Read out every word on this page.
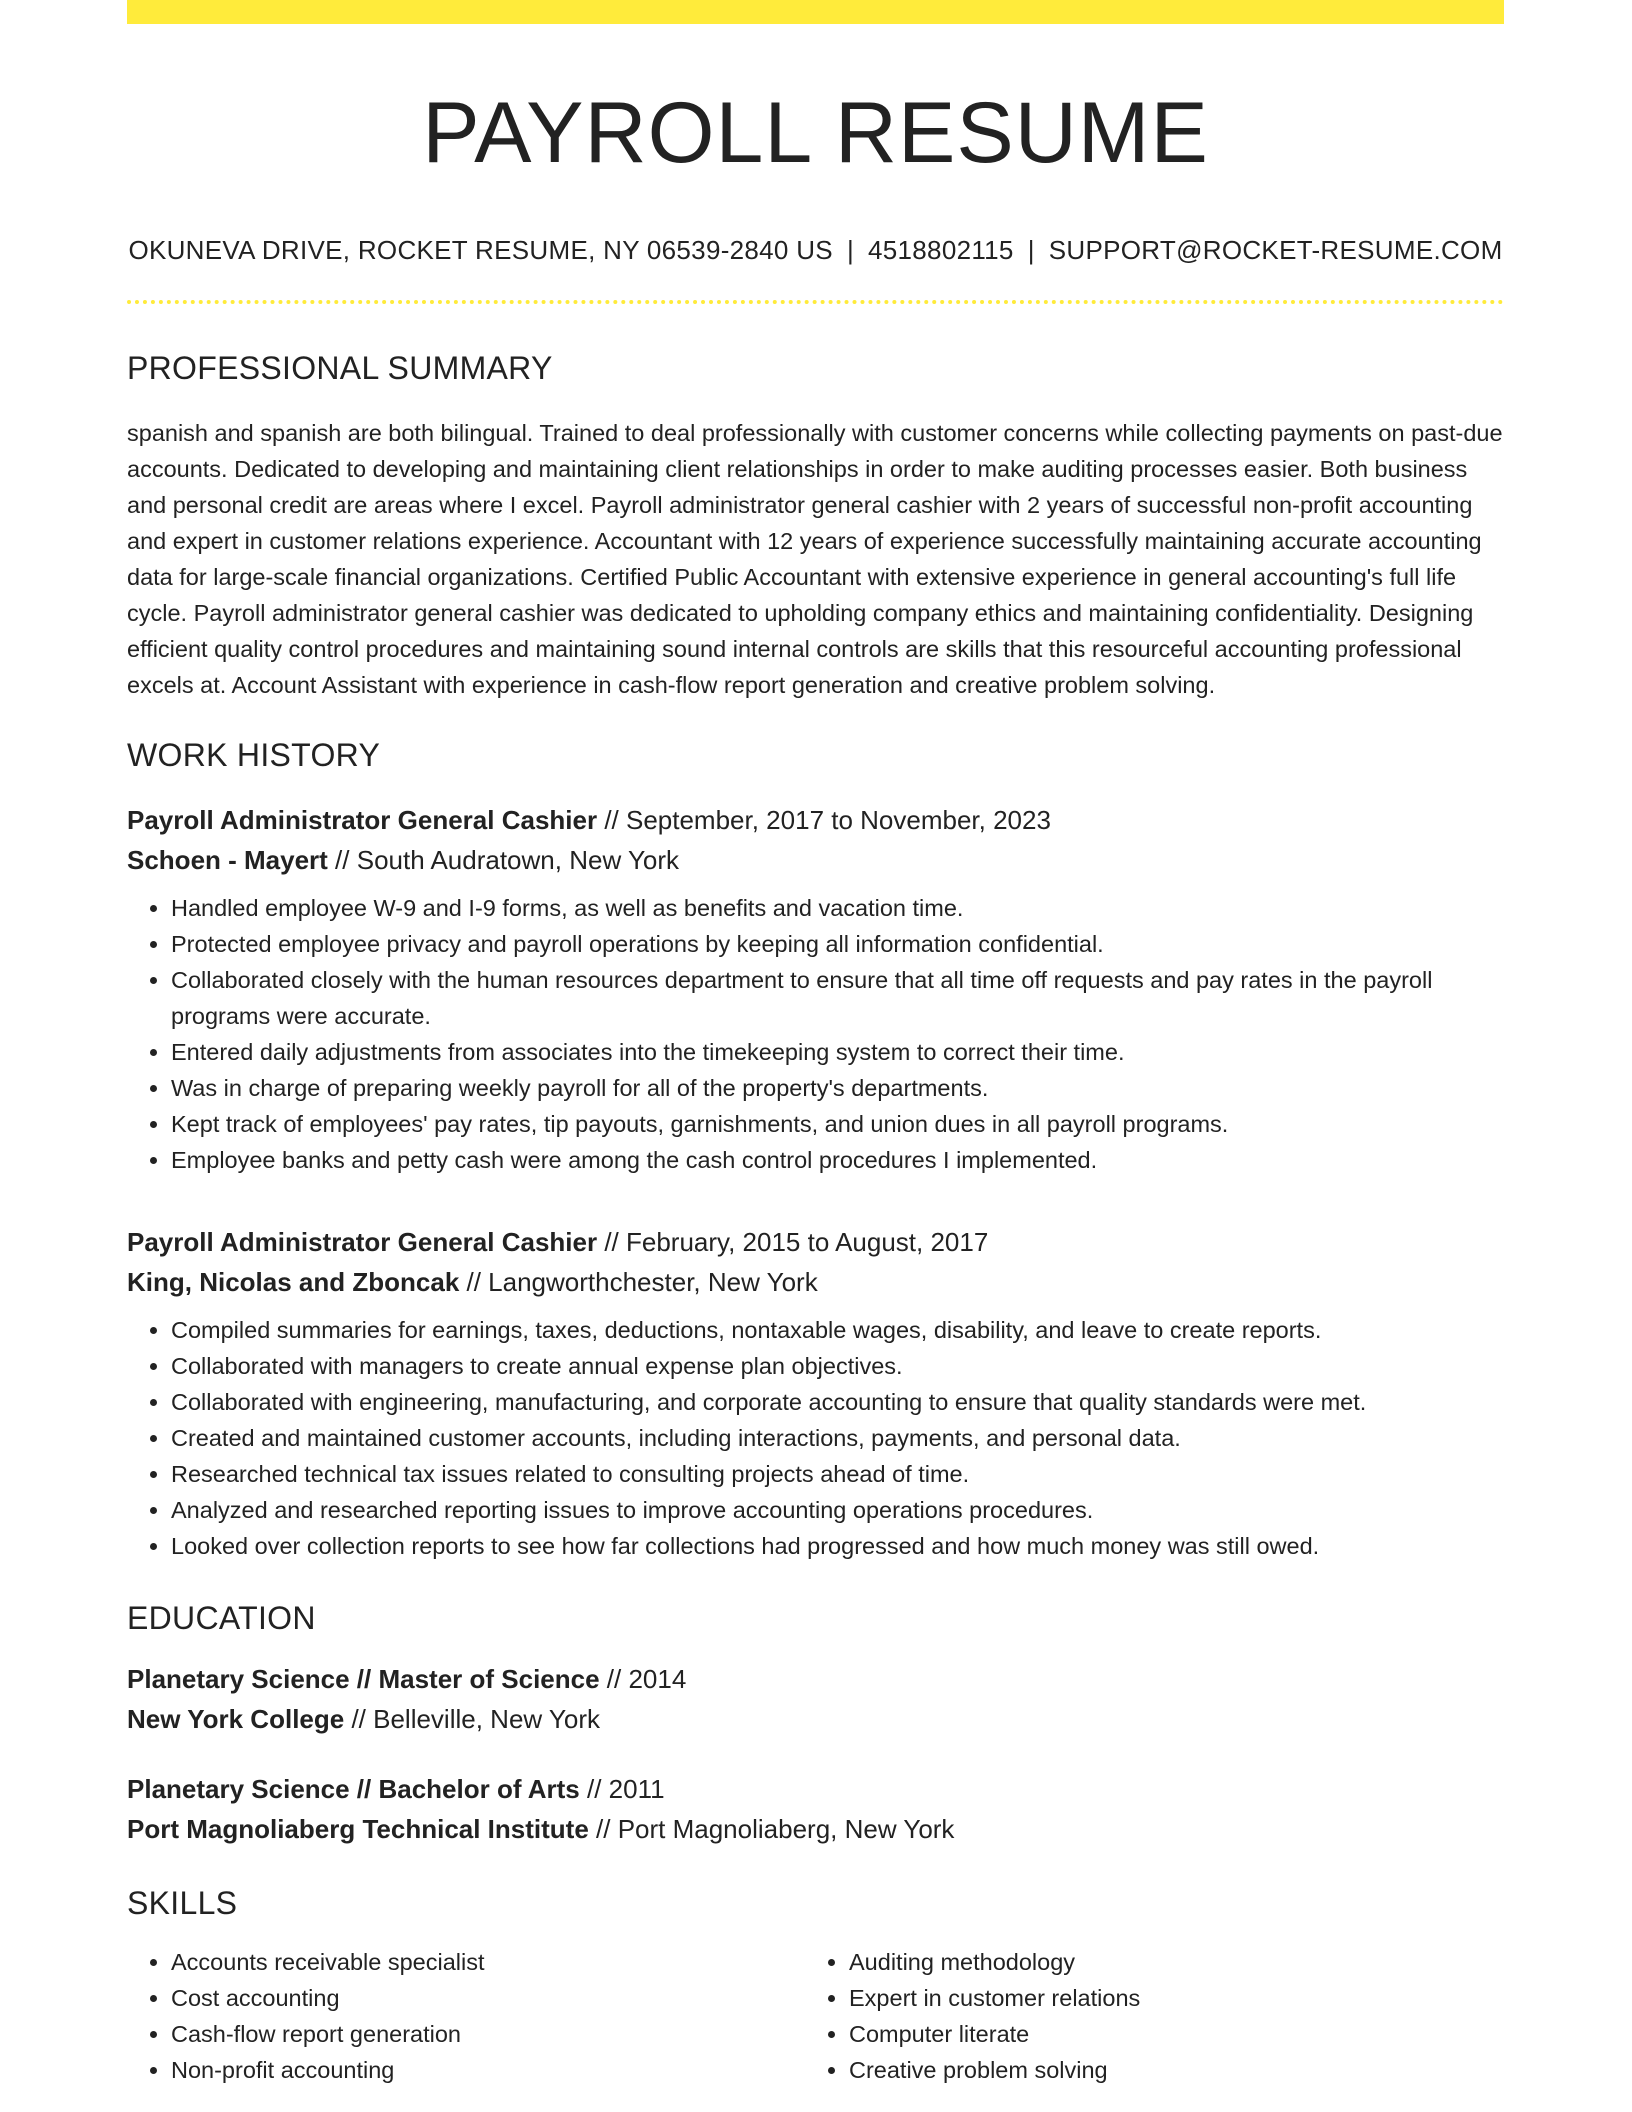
PAYROLL RESUME
OKUNEVA DRIVE, ROCKET RESUME, NY 06539-2840 US | 4518802115 | SUPPORT@ROCKET-RESUME.COM
PROFESSIONAL SUMMARY

spanish and spanish are both bilingual. Trained to deal professionally with customer concerns while collecting payments on past-due accounts. Dedicated to developing and maintaining client relationships in order to make auditing processes easier. Both business and personal credit are areas where I excel. Payroll administrator general cashier with 2 years of successful non-profit accounting and expert in customer relations experience. Accountant with 12 years of experience successfully maintaining accurate accounting data for large-scale financial organizations. Certified Public Accountant with extensive experience in general accounting's full life cycle. Payroll administrator general cashier was dedicated to upholding company ethics and maintaining confidentiality. Designing efficient quality control procedures and maintaining sound internal controls are skills that this resourceful accounting professional excels at. Account Assistant with experience in cash-flow report generation and creative problem solving.

WORK HISTORY
Payroll Administrator General Cashier // September, 2017 to November, 2023
Schoen - Mayert // South Audratown, New York
• Handled employee W-9 and I-9 forms, as well as benefits and vacation time.
• Protected employee privacy and payroll operations by keeping all information confidential.
• Collaborated closely with the human resources department to ensure that all time off requests and pay rates in the payroll programs were accurate.
• Entered daily adjustments from associates into the timekeeping system to correct their time.
• Was in charge of preparing weekly payroll for all of the property's departments.
• Kept track of employees' pay rates, tip payouts, garnishments, and union dues in all payroll programs.
• Employee banks and petty cash were among the cash control procedures I implemented.
Payroll Administrator General Cashier // February, 2015 to August, 2017
King, Nicolas and Zboncak // Langworthchester, New York
• Compiled summaries for earnings, taxes, deductions, nontaxable wages, disability, and leave to create reports.
• Collaborated with managers to create annual expense plan objectives.
• Collaborated with engineering, manufacturing, and corporate accounting to ensure that quality standards were met.
• Created and maintained customer accounts, including interactions, payments, and personal data.
• Researched technical tax issues related to consulting projects ahead of time.
• Analyzed and researched reporting issues to improve accounting operations procedures.
• Looked over collection reports to see how far collections had progressed and how much money was still owed.
EDUCATION
Planetary Science // Master of Science // 2014
New York College // Belleville, New York
Planetary Science // Bachelor of Arts // 2011
Port Magnoliaberg Technical Institute // Port Magnoliaberg, New York
SKILLS
• Accounts receivable specialist
• Cost accounting
• Cash-flow report generation
• Non-profit accounting
• Auditing methodology
• Expert in customer relations
• Computer literate
• Creative problem solving
